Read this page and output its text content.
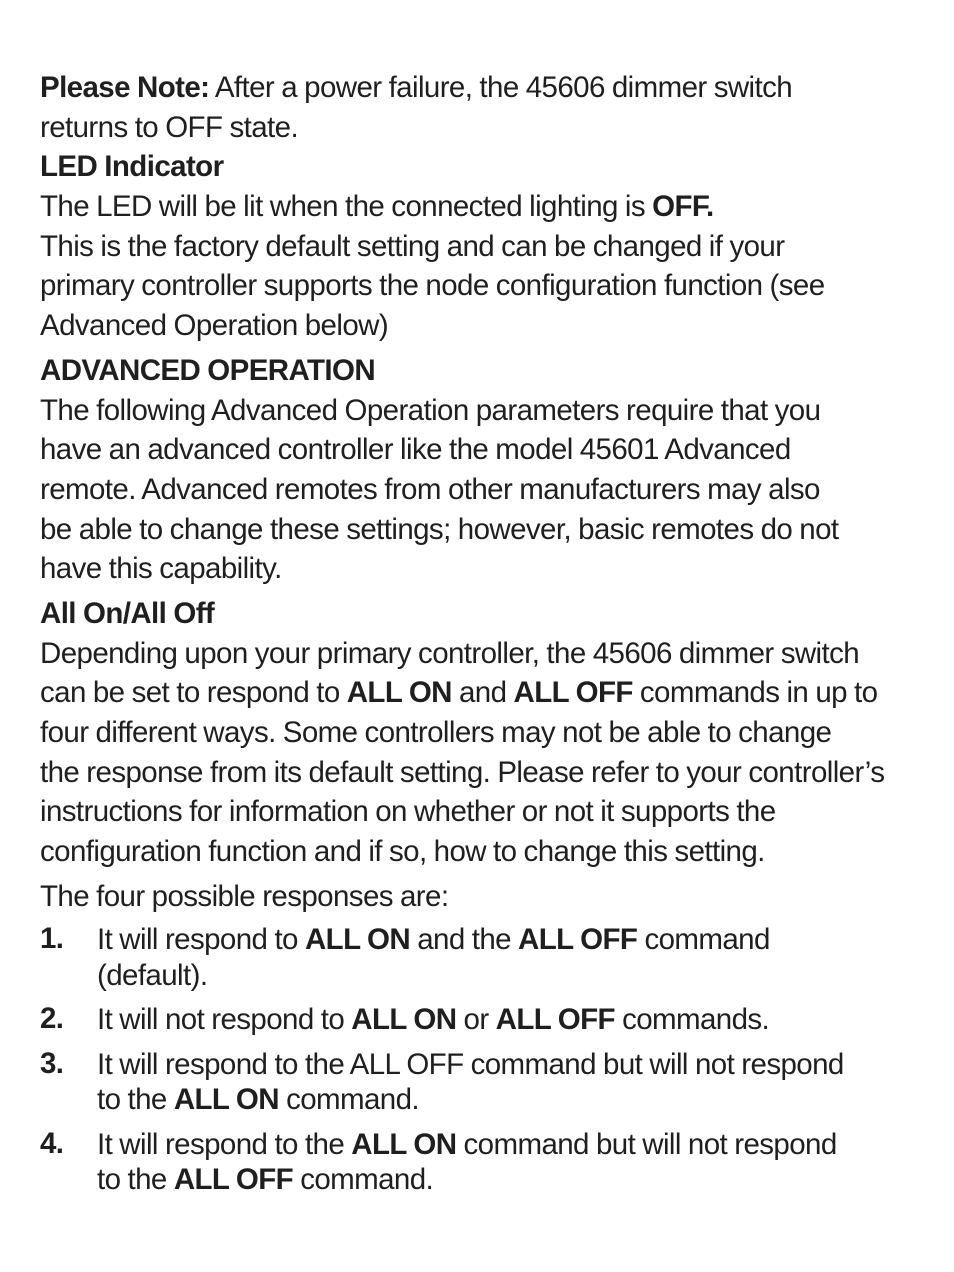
Please Note: After a power failure, the 45606 dimmer switch
returns to OFF state.
LED Indicator
The LED will be lit when the connected lighting is OFF.
This is the factory default setting and can be changed if your
primary controller supports the node configuration function (see
Advanced Operation below)
ADVANCED OPERATION
The following Advanced Operation parameters require that you
have an advanced controller like the model 45601 Advanced
remote. Advanced remotes from other manufacturers may also
be able to change these settings; however, basic remotes do not
have this capability.
All On/All Off
Depending upon your primary controller, the 45606 dimmer switch
can be set to respond to ALL ON and ALL OFF commands in up to
four different ways. Some controllers may not be able to change
the response from its default setting. Please refer to your controller’s
instructions for information on whether or not it supports the
configuration function and if so, how to change this setting.
The four possible responses are:
1. It will respond to ALL ON and the ALL OFF command
(default).
2. It will not respond to ALL ON or ALL OFF commands.
3. It will respond to the ALL OFF command but will not respond
to the ALL ON command.
4. It will respond to the ALL ON command but will not respond
to the ALL OFF command.
